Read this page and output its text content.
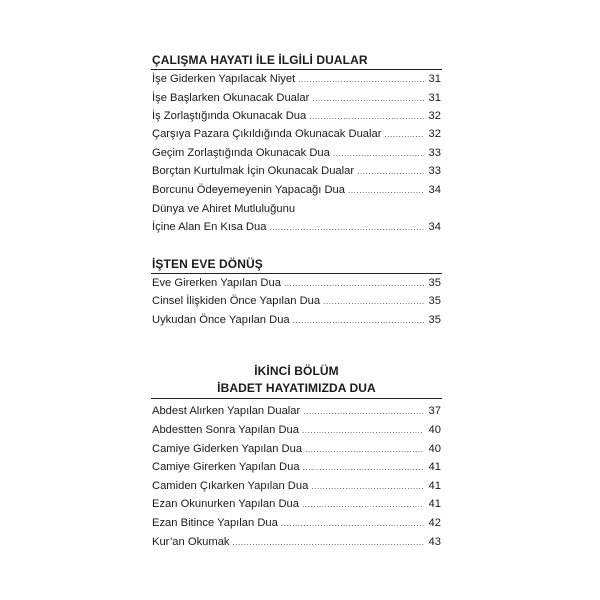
ÇALIŞMA HAYATI İLE İLGİLİ DUALAR
İşe Giderken Yapılacak Niyet .....	31
İşe Başlarken Okunacak Dualar .....	31
İş Zorlaştığında Okunacak Dua .....	32
Çarşıya Pazara Çıkıldığında Okunacak Dualar .....	32
Geçim Zorlaştığında Okunacak Dua .....	33
Borçtan Kurtulmak İçin Okunacak Dualar .....	33
Borcunu Ödeyemeyenin Yapacağı Dua .....	34
Dünya ve Ahiret Mutluluğunu
İçine Alan En Kısa Dua .....	34
İŞTEN EVE DÖNÜŞ
Eve Girerken Yapılan Dua .....	35
Cinsel İlişkiden Önce Yapılan Dua .....	35
Uykudan Önce Yapılan Dua .....	35
İKİNCİ BÖLÜM
İBADET HAYATIMIZDA DUA
Abdest Alırken Yapılan Dualar .....	37
Abdestten Sonra Yapılan Dua .....	40
Camiye Giderken Yapılan Dua .....	40
Camiye Girerken Yapılan Dua .....	41
Camiden Çıkarken Yapılan Dua .....	41
Ezan Okunurken Yapılan Dua .....	41
Ezan Bitince Yapılan Dua .....	42
Kur’an Okumak .....	43
